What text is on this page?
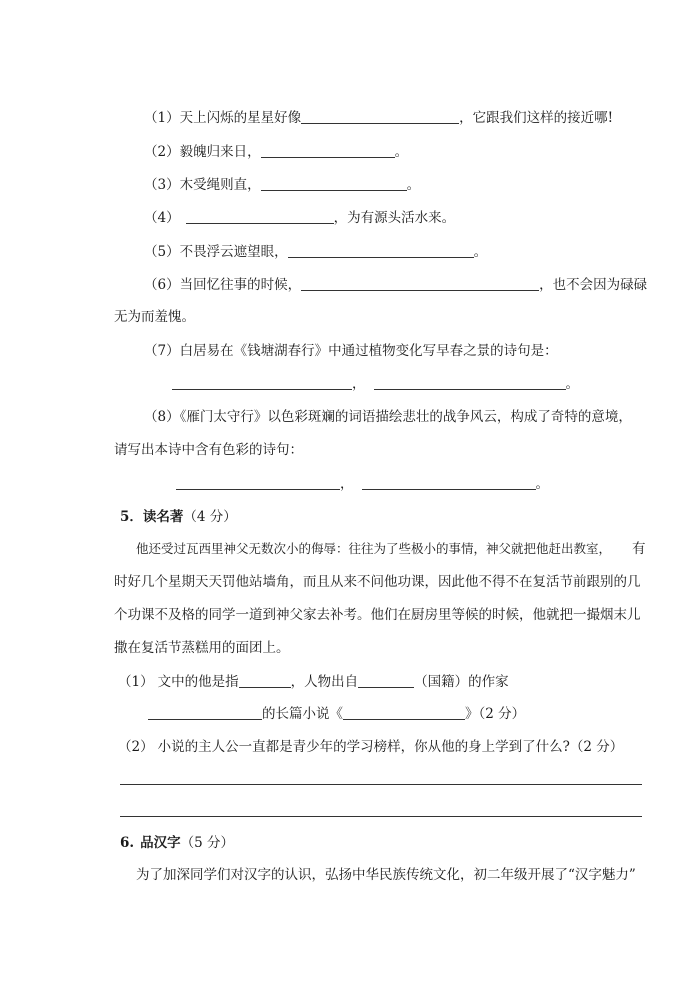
（1）天上闪烁的星星好像	，它跟我们这样的接近哪!
（2）毅魄归来日，	。
（3）木受绳则直，	。
（4）	，为有源头活水来。
（5）不畏浮云遮望眼，	。
（6）当回忆往事的时候，	，也不会因为碌碌
无为而羞愧。
（7）白居易在《钱塘湖春行》中通过植物变化写早春之景的诗句是：
，	。
（8）《雁门太守行》以色彩斑斓的词语描绘悲壮的战争风云，构成了奇特的意境，
请写出本诗中含有色彩的诗句：
，	。
5．读名著（4 分）
他还受过瓦西里神父无数次小的侮辱：往往为了些极小的事情，神父就把他赶出教室， 有
时好几个星期天天罚他站墙角，而且从来不问他功课，因此他不得不在复活节前跟别的几
个功课不及格的同学一道到神父家去补考。他们在厨房里等候的时候，他就把一撮烟末儿
撒在复活节蒸糕用的面团上。
（1） 文中的他是指	，人物出自	（国籍）的作家
的长篇小说《	》（2 分）
（2） 小说的主人公一直都是青少年的学习榜样，你从他的身上学到了什么?（2 分）
6. 品汉字（5 分）
为了加深同学们对汉字的认识，弘扬中华民族传统文化，初二年级开展了“汉字魅力”
